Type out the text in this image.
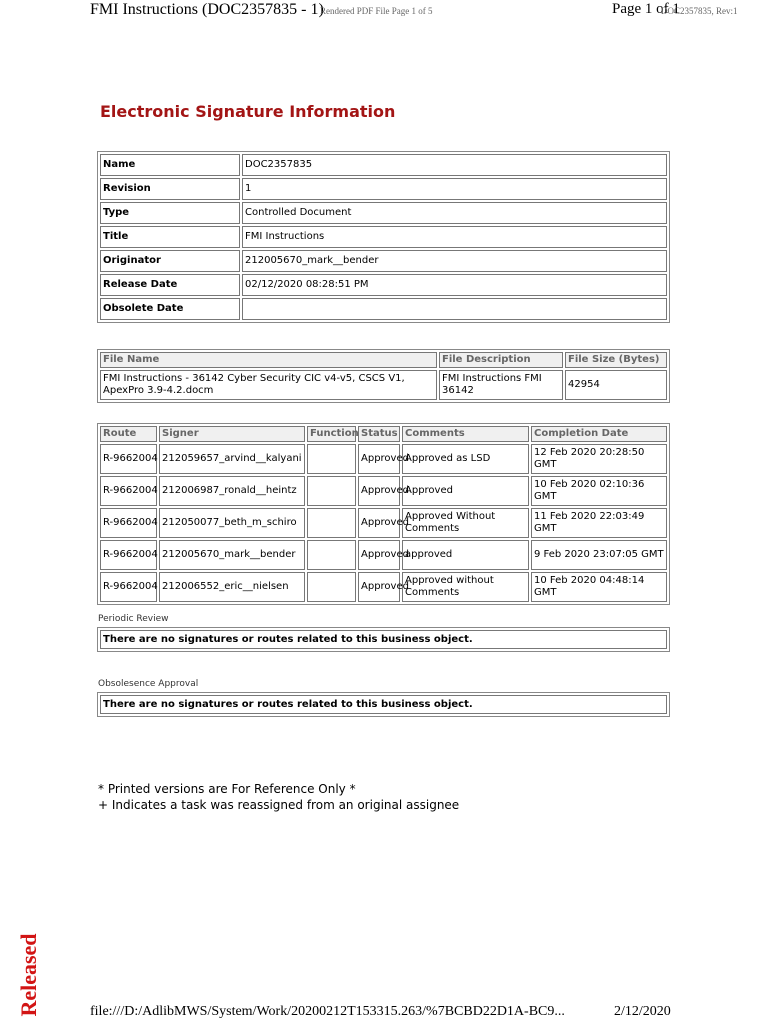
FMI Instructions (DOC2357835 - 1)
Rendered PDF File Page 1 of 5	Page 1 of 1
DOC2357835, Rev:1
Electronic Signature Information
Name	DOC2357835
Revision	1
Type	Controlled Document
Title	FMI Instructions
Originator	212005670_mark__bender
Release Date	02/12/2020 08:28:51 PM
Obsolete Date	
File Name	File Description	File Size (Bytes)
FMI Instructions - 36142 Cyber Security CIC v4-v5, CSCS V1, ApexPro 3.9-4.2.docm	FMI Instructions FMI 36142	42954
Route	Signer	Function	Status	Comments	Completion Date
R-9662004	212059657_arvind__kalyani		Approved	Approved as LSD	12 Feb 2020 20:28:50 GMT
R-9662004	212006987_ronald__heintz		Approved	Approved	10 Feb 2020 02:10:36 GMT
R-9662004	212050077_beth_m_schiro		Approved	Approved Without Comments	11 Feb 2020 22:03:49 GMT
R-9662004	212005670_mark__bender		Approved	approved	9 Feb 2020 23:07:05 GMT
R-9662004	212006552_eric__nielsen		Approved	Approved without Comments	10 Feb 2020 04:48:14 GMT
Periodic Review
There are no signatures or routes related to this business object.
Obsolesence Approval
There are no signatures or routes related to this business object.
* Printed versions are For Reference Only *
+ Indicates a task was reassigned from an original assignee
Released	file:///D:/AdlibMWS/System/Work/20200212T153315.263/%7BCBD22D1A-BC9...	2/12/2020
